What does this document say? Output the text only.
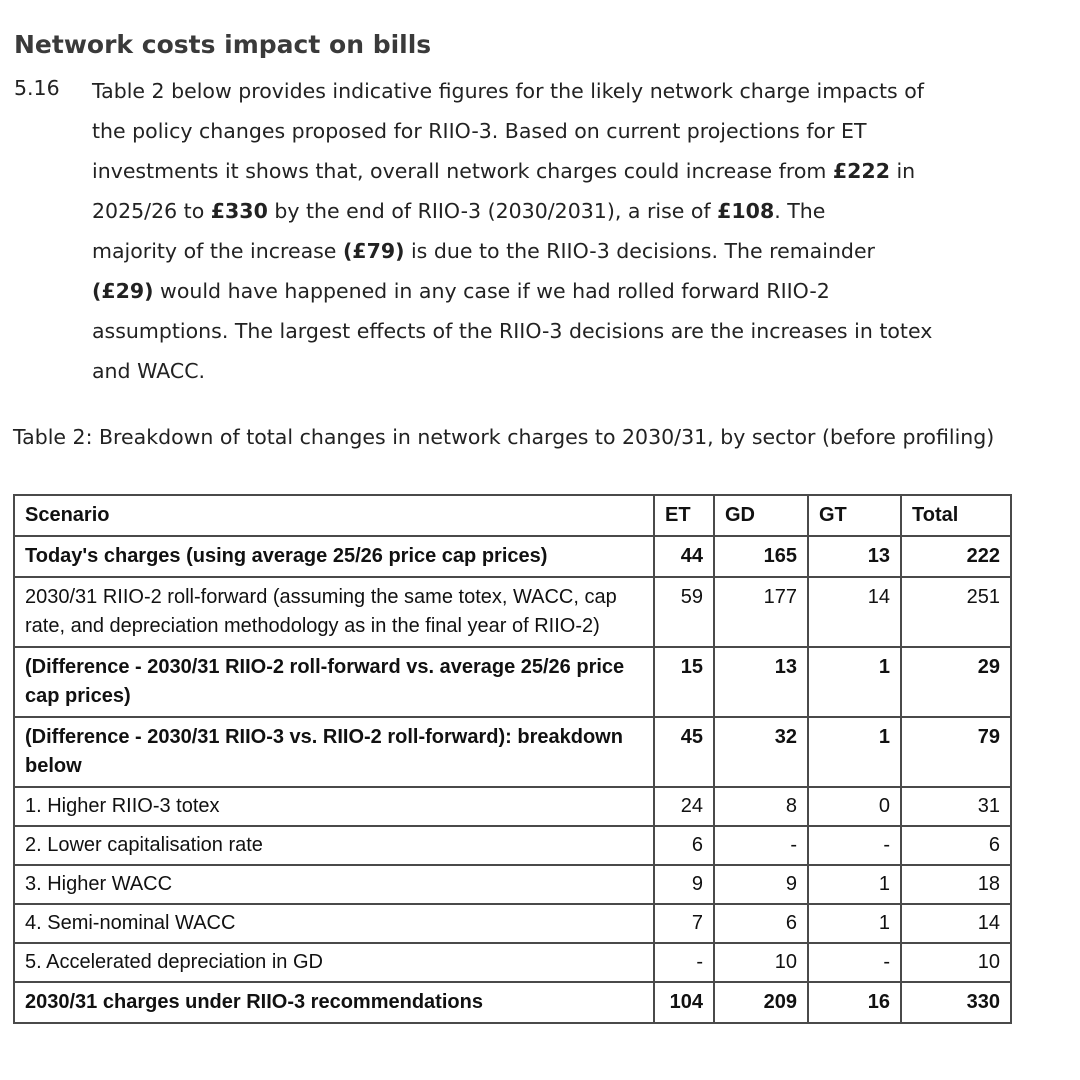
Network costs impact on bills
5.16 Table 2 below provides indicative figures for the likely network charge impacts of
the policy changes proposed for RIIO-3. Based on current projections for ET
investments it shows that, overall network charges could increase from £222 in
2025/26 to £330 by the end of RIIO-3 (2030/2031), a rise of £108. The
majority of the increase (£79) is due to the RIIO-3 decisions. The remainder
(£29) would have happened in any case if we had rolled forward RIIO-2
assumptions. The largest effects of the RIIO-3 decisions are the increases in totex
and WACC.
Table 2: Breakdown of total changes in network charges to 2030/31, by sector (before profiling)
Scenario	ET	GD	GT	Total
Today's charges (using average 25/26 price cap prices)	44	165	13	222
2030/31 RIIO-2 roll-forward (assuming the same totex, WACC, cap rate, and depreciation methodology as in the final year of RIIO-2)	59	177	14	251
(Difference - 2030/31 RIIO-2 roll-forward vs. average 25/26 price cap prices)	15	13	1	29
(Difference - 2030/31 RIIO-3 vs. RIIO-2 roll-forward): breakdown below	45	32	1	79
1. Higher RIIO-3 totex	24	8	0	31
2. Lower capitalisation rate	6	-	-	6
3. Higher WACC	9	9	1	18
4. Semi-nominal WACC	7	6	1	14
5. Accelerated depreciation in GD	-	10	-	10
2030/31 charges under RIIO-3 recommendations	104	209	16	330
